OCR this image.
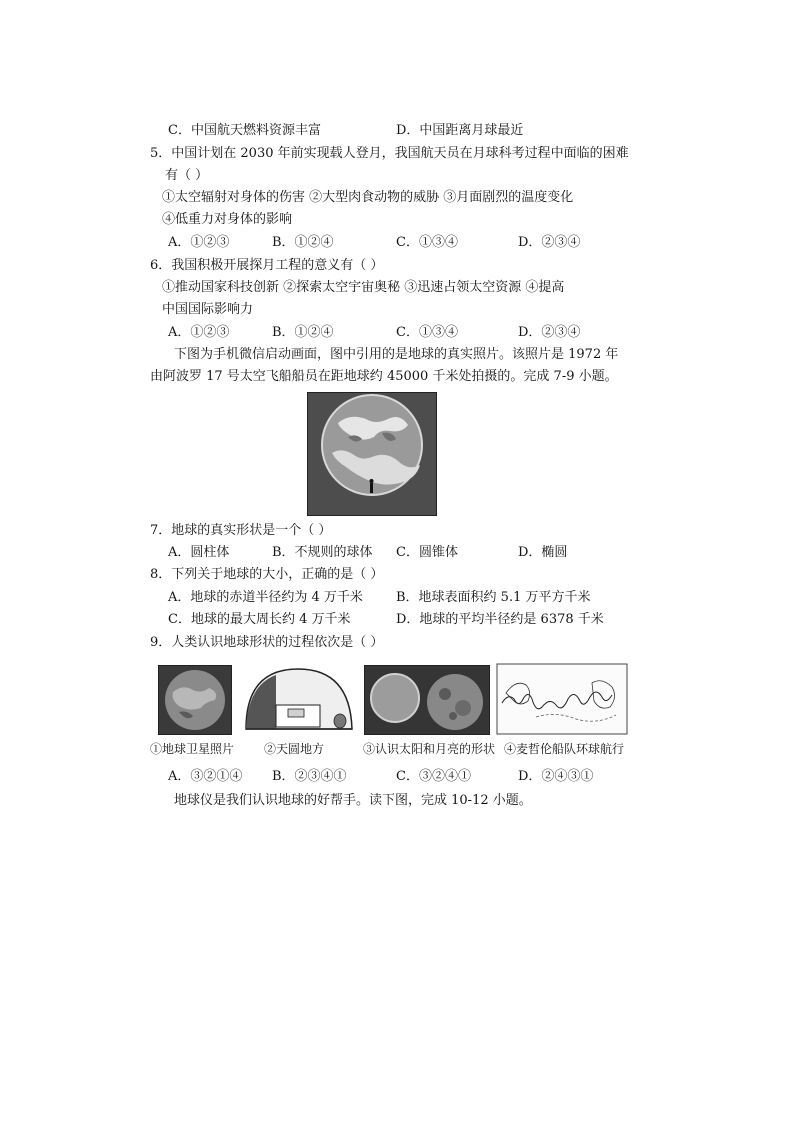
C．中国航天燃料资源丰富	D．中国距离月球最近
5．中国计划在 2030 年前实现载人登月，我国航天员在月球科考过程中面临的困难
有（ ）
①太空辐射对身体的伤害 ②大型肉食动物的威胁 ③月面剧烈的温度变化
④低重力对身体的影响
A．①②③	B．①②④	C．①③④	D．②③④
6．我国积极开展探月工程的意义有（ ）
①推动国家科技创新 ②探索太空宇宙奥秘 ③迅速占领太空资源 ④提高
中国国际影响力
A．①②③	B．①②④	C．①③④	D．②③④
下图为手机微信启动画面，图中引用的是地球的真实照片。该照片是 1972 年
由阿波罗 17 号太空飞船船员在距地球约 45000 千米处拍摄的。完成 7-9 小题。
7．地球的真实形状是一个（ ）
A．圆柱体	B．不规则的球体 C．圆锥体	D．椭圆
8．下列关于地球的大小，正确的是（ ）
A．地球的赤道半径约为 4 万千米	B．地球表面积约 5.1 万平方千米
C．地球的最大周长约 4 万千米	D．地球的平均半径约是 6378 千米
9．人类认识地球形状的过程依次是（ ）
①地球卫星照片 ②天圆地方	③认识太阳和月亮的形状 ④麦哲伦船队环球航行
A．③②①④ B．②③④①	C．③②④①	D．②④③①
地球仪是我们认识地球的好帮手。读下图，完成 10-12 小题。
